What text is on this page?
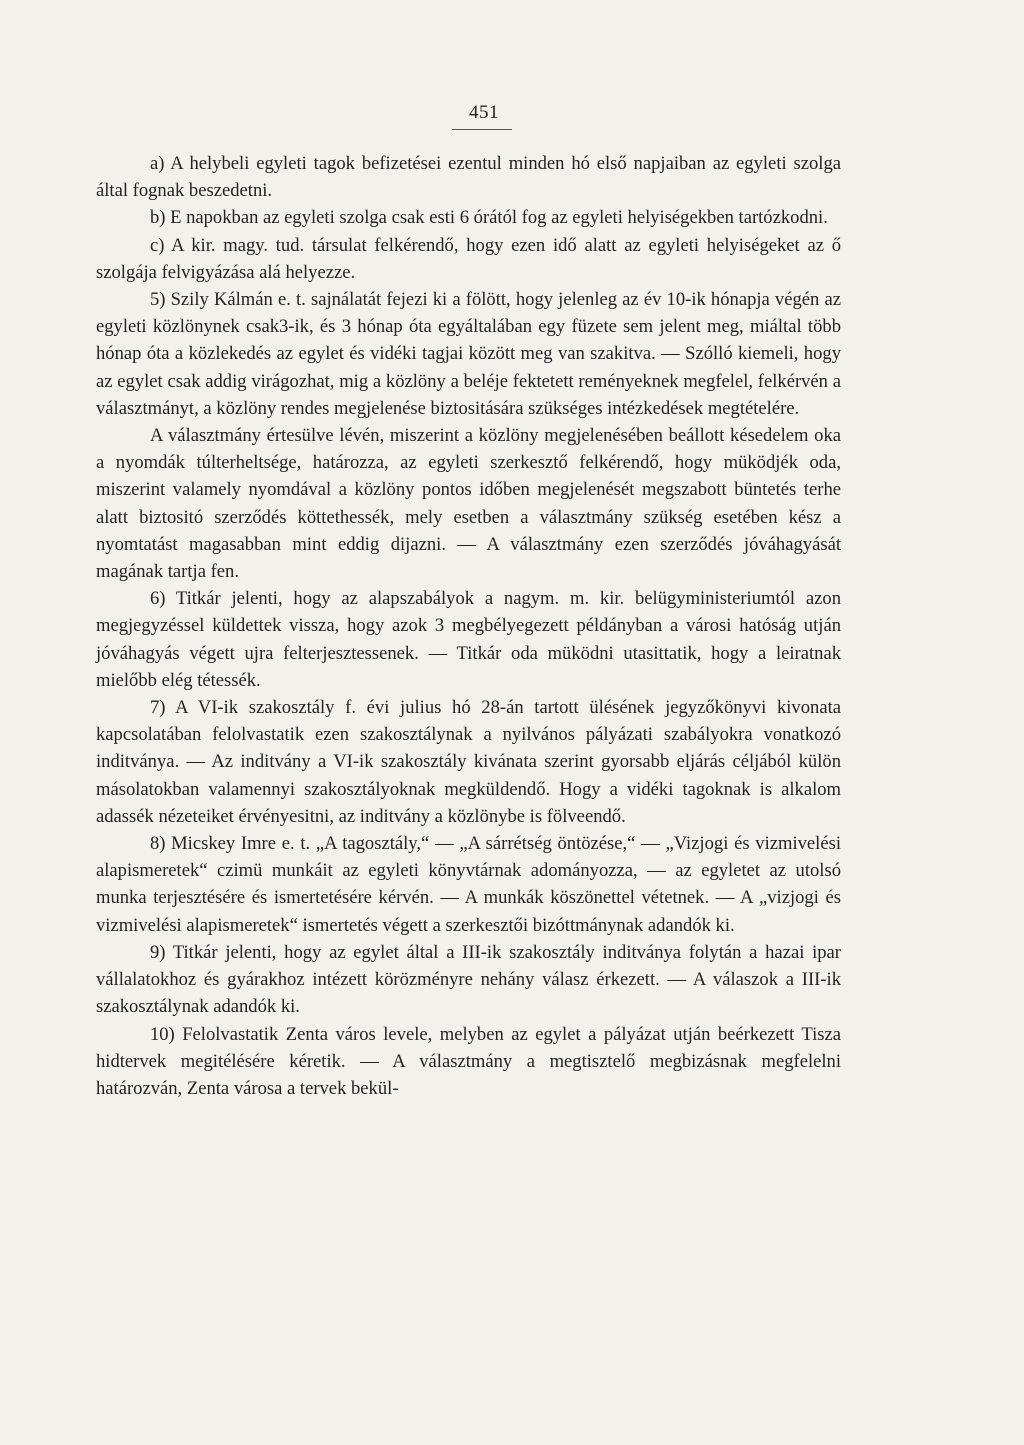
451

a) A helybeli egyleti tagok befizetései ezentul minden hó első napjaiban az egyleti szolga által fognak beszedetni.

b) E napokban az egyleti szolga csak esti 6 órától fog az egyleti helyiségekben tartózkodni.

c) A kir. magy. tud. társulat felkérendő, hogy ezen idő alatt az egyleti helyiségeket az ő szolgája felvigyázása alá helyezze.

5) Szily Kálmán e. t. sajnálatát fejezi ki a fölött, hogy jelenleg az év 10-ik hónapja végén az egyleti közlönynek csak3-ik, és 3 hónap óta egyáltalában egy füzete sem jelent meg, miáltal több hónap óta a közlekedés az egylet és vidéki tagjai között meg van szakitva. — Szólló kiemeli, hogy az egylet csak addig virágozhat, mig a közlöny a beléje fektetett reményeknek megfelel, felkérvén a választmányt, a közlöny rendes megjelenése biztositására szükséges intézkedések megtételére.

A választmány értesülve lévén, miszerint a közlöny megjelenésében beállott késedelem oka a nyomdák túlterheltsége, határozza, az egyleti szerkesztő felkérendő, hogy müködjék oda, miszerint valamely nyomdával a közlöny pontos időben megjelenését megszabott büntetés terhe alatt biztositó szerződés köttethessék, mely esetben a választmány szükség esetében kész a nyomtatást magasabban mint eddig dijazni. — A választmány ezen szerződés jóváhagyását magának tartja fen.

6) Titkár jelenti, hogy az alapszabályok a nagym. m. kir. belügyministeriumtól azon megjegyzéssel küldettek vissza, hogy azok 3 megbélyegezett példányban a városi hatóság utján jóváhagyás végett ujra felterjesztessenek. — Titkár oda müködni utasittatik, hogy a leiratnak mielőbb elég tétessék.

7) A VI-ik szakosztály f. évi julius hó 28-án tartott ülésének jegyzőkönyvi kivonata kapcsolatában felolvastatik ezen szakosztálynak a nyilvános pályázati szabályokra vonatkozó inditványa. — Az inditvány a VI-ik szakosztály kivánata szerint gyorsabb eljárás céljából külön másolatokban valamennyi szakosztályoknak megküldendő. Hogy a vidéki tagoknak is alkalom adassék nézeteiket érvényesitni, az inditvány a közlönybe is fölveendő.

8) Micskey Imre e. t. „A tagosztály,“ — „A sárrétség öntözése,“ — „Vizjogi és vizmivelési alapismeretek“ czimü munkáit az egyleti könyvtárnak adományozza, — az egyletet az utolsó munka terjesztésére és ismertetésére kérvén. — A munkák köszönettel vétetnek. — A „vizjogi és vizmivelési alapismeretek“ ismertetés végett a szerkesztői bizóttmánynak adandók ki.

9) Titkár jelenti, hogy az egylet által a III-ik szakosztály inditványa folytán a hazai ipar vállalatokhoz és gyárakhoz intézett körözményre nehány válasz érkezett. — A válaszok a III-ik szakosztálynak adandók ki.

10) Felolvastatik Zenta város levele, melyben az egylet a pályázat utján beérkezett Tisza hidtervek megitélésére kéretik. — A választmány a megtisztelő megbizásnak megfelelni határozván, Zenta városa a tervek bekül-
